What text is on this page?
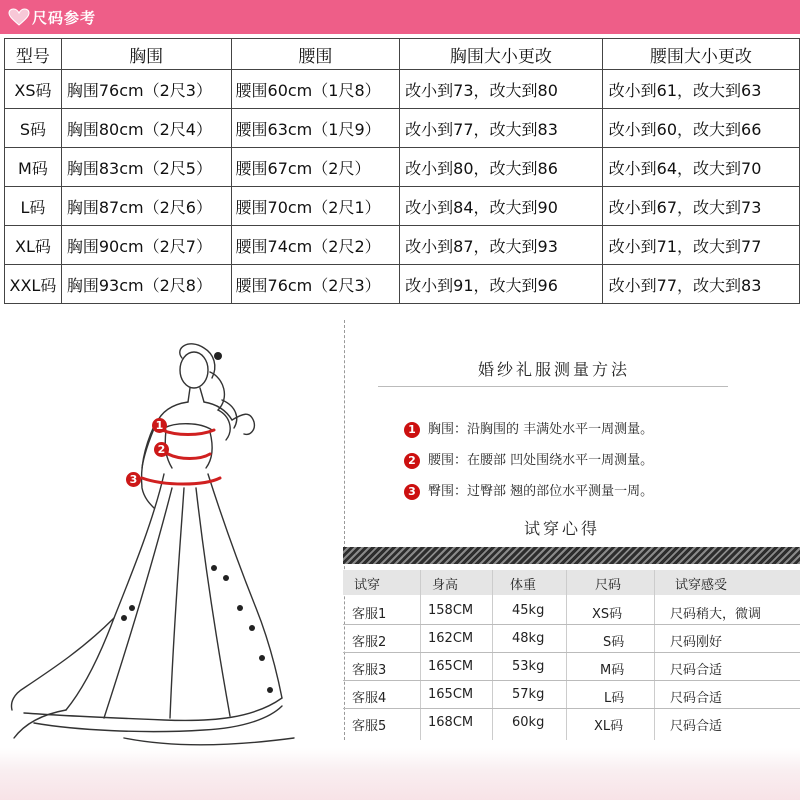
尺码参考
型号	胸围	腰围	胸围大小更改	腰围大小更改
XS码	胸围76cm（2尺3）	腰围60cm（1尺8）	改小到73，改大到80	改小到61，改大到63
S码	胸围80cm（2尺4）	腰围63cm（1尺9）	改小到77，改大到83	改小到60，改大到66
M码	胸围83cm（2尺5）	腰围67cm（2尺）	改小到80，改大到86	改小到64，改大到70
L码	胸围87cm（2尺6）	腰围70cm（2尺1）	改小到84，改大到90	改小到67，改大到73
XL码	胸围90cm（2尺7）	腰围74cm（2尺2）	改小到87，改大到93	改小到71，改大到77
XXL码	胸围93cm（2尺8）	腰围76cm（2尺3）	改小到91，改大到96	改小到77，改大到83
1
2
3
婚纱礼服测量方法
1 胸围：沿胸围的 丰满处水平一周测量。
2 腰围：在腰部 凹处围绕水平一周测量。
3 臀围：过臀部 翘的部位水平测量一周。
试穿心得
试穿	身高	体重	尺码	试穿感受
客服1	158CM	45kg	XS码	尺码稍大，微调
客服2	162CM	48kg	S码	尺码刚好
客服3	165CM	53kg	M码	尺码合适
客服4	165CM	57kg	L码	尺码合适
客服5	168CM	60kg	XL码	尺码合适
